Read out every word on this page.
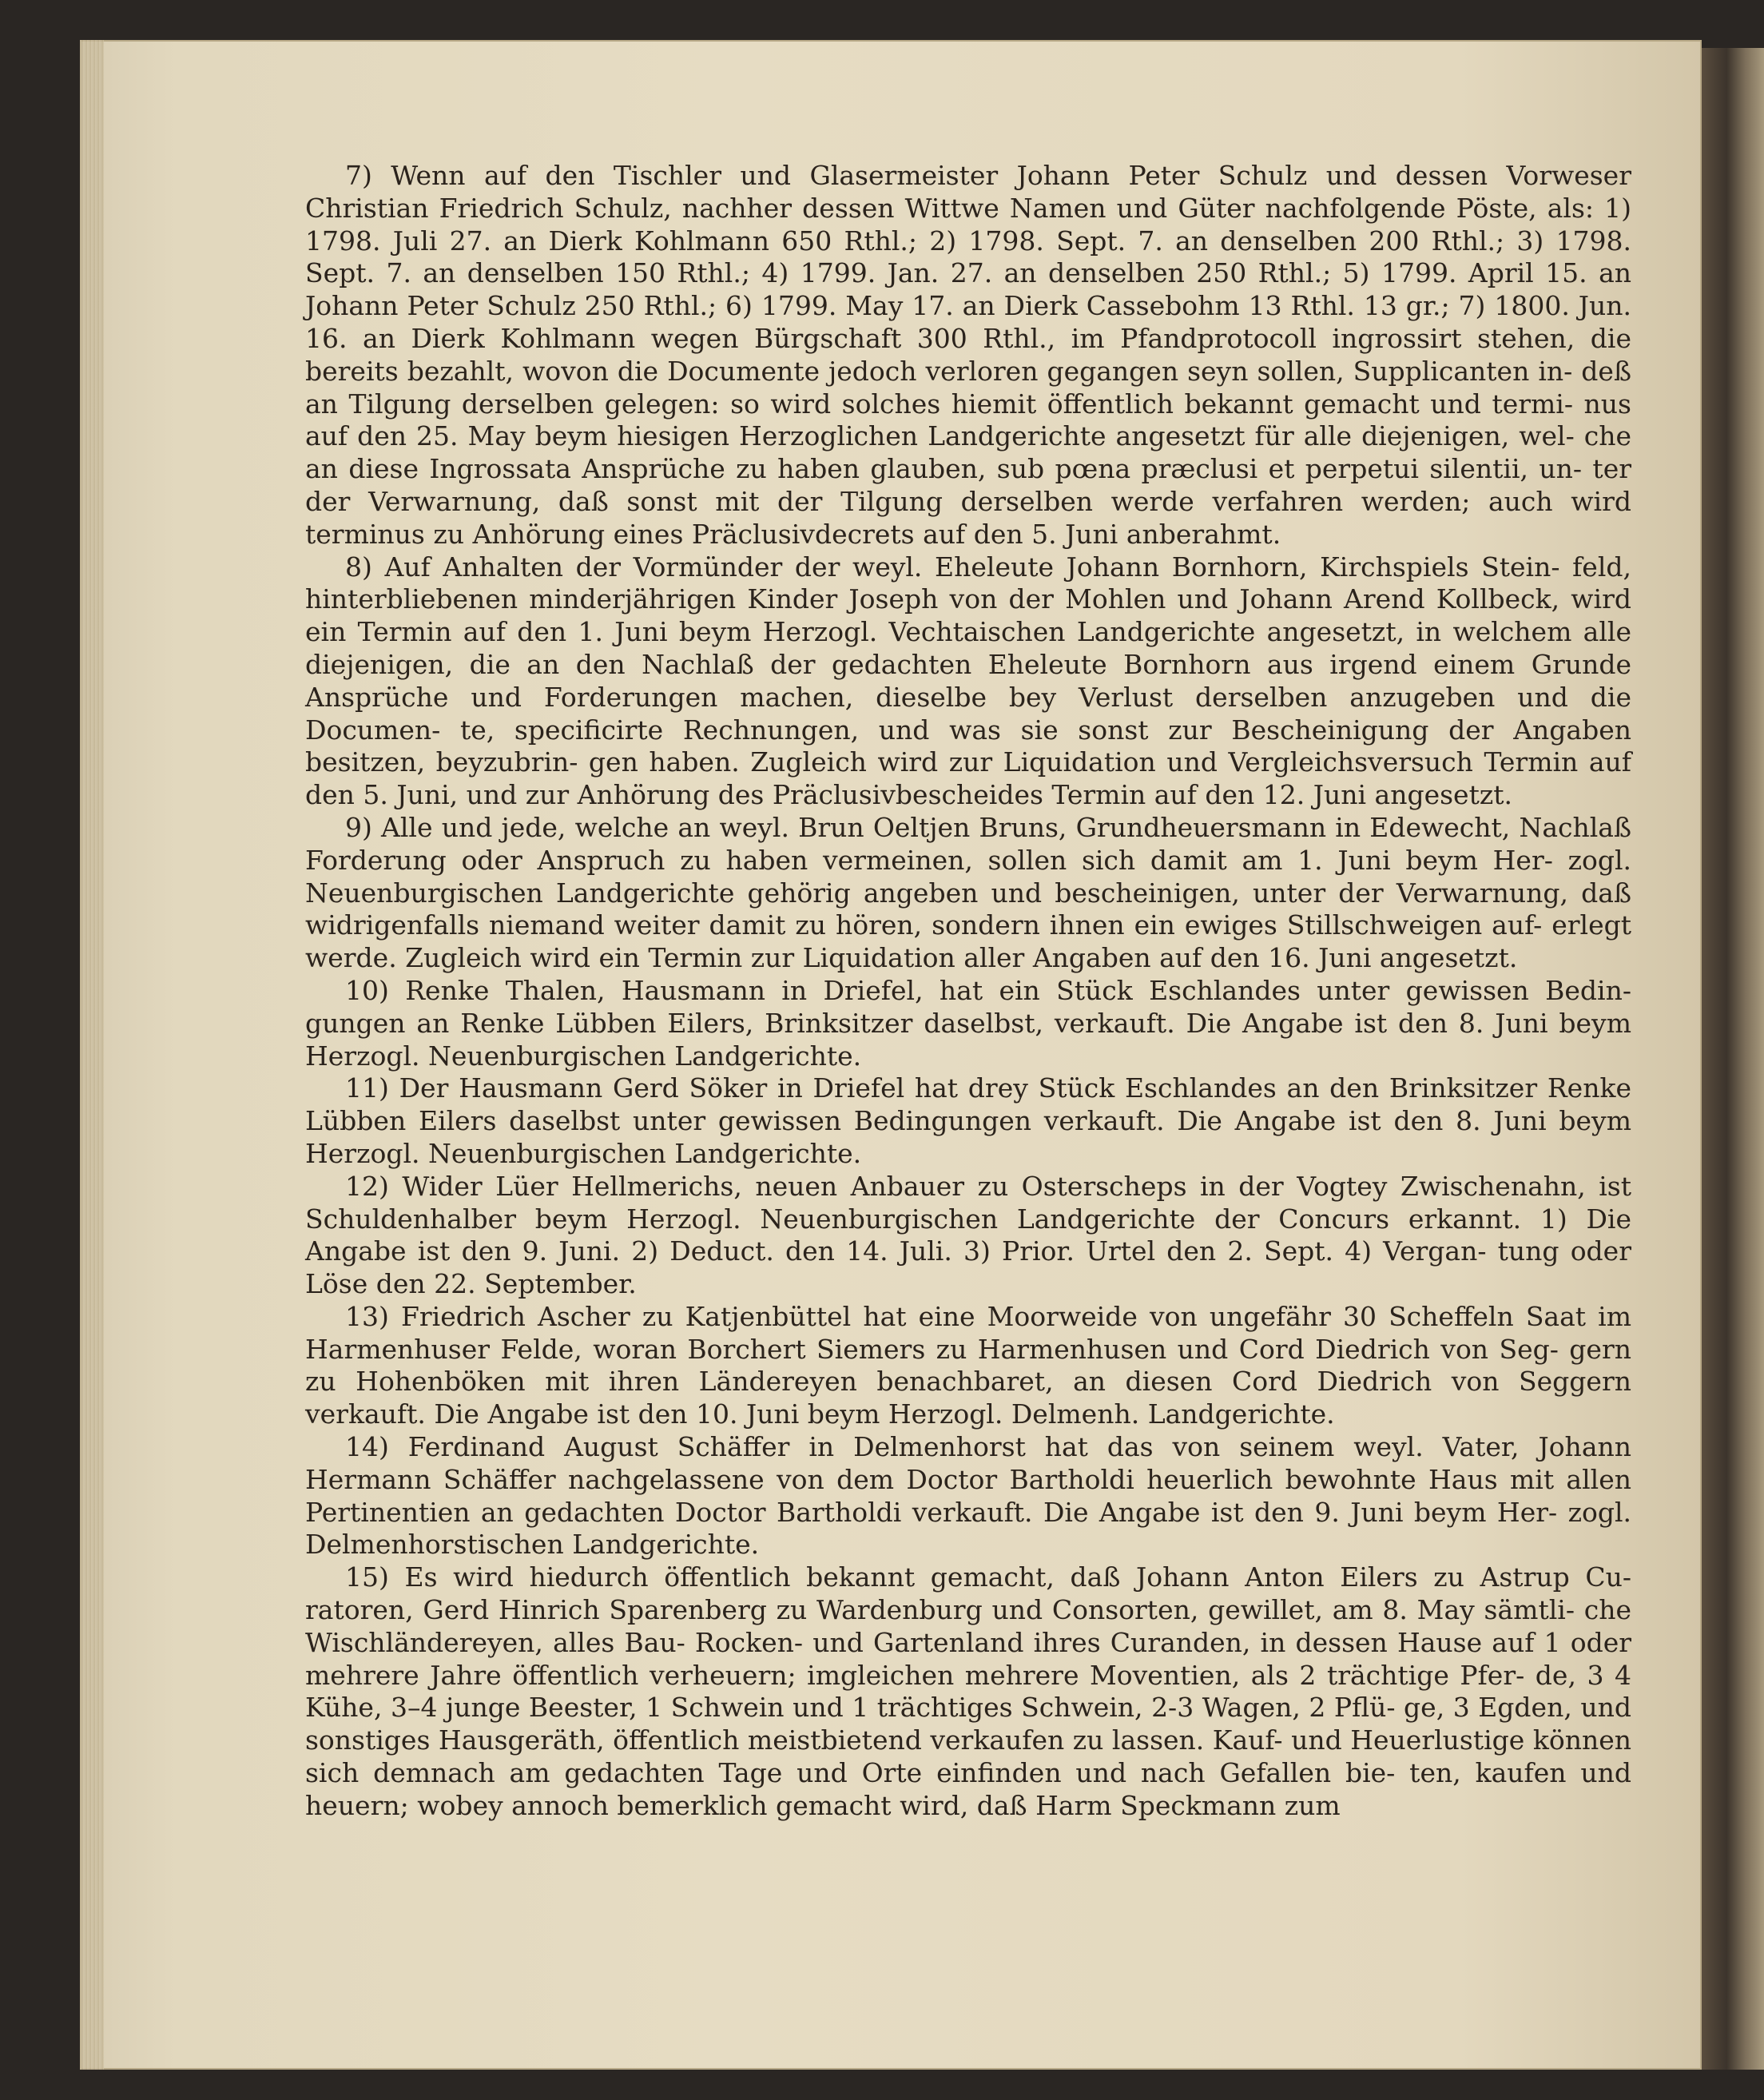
7) Wenn auf den Tischler und Glasermeister Johann Peter Schulz und dessen Vorweser Christian Friedrich Schulz, nachher dessen Wittwe Namen und Güter nachfolgende Pöste, als: 1) 1798. Juli 27. an Dierk Kohlmann 650 Rthl.; 2) 1798. Sept. 7. an denselben 200 Rthl.; 3) 1798. Sept. 7. an denselben 150 Rthl.; 4) 1799. Jan. 27. an denselben 250 Rthl.; 5) 1799. April 15. an Johann Peter Schulz 250 Rthl.; 6) 1799. May 17. an Dierk Cassebohm 13 Rthl. 13 gr.; 7) 1800. Jun. 16. an Dierk Kohlmann wegen Bürgschaft 300 Rthl., im Pfandprotocoll ingrossirt stehen, die bereits bezahlt, wovon die Documente jedoch verloren gegangen seyn sollen, Supplicanten in- deß an Tilgung derselben gelegen: so wird solches hiemit öffentlich bekannt gemacht und termi- nus auf den 25. May beym hiesigen Herzoglichen Landgerichte angesetzt für alle diejenigen, wel- che an diese Ingrossata Ansprüche zu haben glauben, sub pœna præclusi et perpetui silentii, un- ter der Verwarnung, daß sonst mit der Tilgung derselben werde verfahren werden; auch wird terminus zu Anhörung eines Präclusivdecrets auf den 5. Juni anberahmt.

8) Auf Anhalten der Vormünder der weyl. Eheleute Johann Bornhorn, Kirchspiels Stein- feld, hinterbliebenen minderjährigen Kinder Joseph von der Mohlen und Johann Arend Kollbeck, wird ein Termin auf den 1. Juni beym Herzogl. Vechtaischen Landgerichte angesetzt, in welchem alle diejenigen, die an den Nachlaß der gedachten Eheleute Bornhorn aus irgend einem Grunde Ansprüche und Forderungen machen, dieselbe bey Verlust derselben anzugeben und die Documen- te, specificirte Rechnungen, und was sie sonst zur Bescheinigung der Angaben besitzen, beyzubrin- gen haben. Zugleich wird zur Liquidation und Vergleichsversuch Termin auf den 5. Juni, und zur Anhörung des Präclusivbescheides Termin auf den 12. Juni angesetzt.

9) Alle und jede, welche an weyl. Brun Oeltjen Bruns, Grundheuersmann in Edewecht, Nachlaß Forderung oder Anspruch zu haben vermeinen, sollen sich damit am 1. Juni beym Her- zogl. Neuenburgischen Landgerichte gehörig angeben und bescheinigen, unter der Verwarnung, daß widrigenfalls niemand weiter damit zu hören, sondern ihnen ein ewiges Stillschweigen auf- erlegt werde. Zugleich wird ein Termin zur Liquidation aller Angaben auf den 16. Juni angesetzt.

10) Renke Thalen, Hausmann in Driefel, hat ein Stück Eschlandes unter gewissen Bedin- gungen an Renke Lübben Eilers, Brinksitzer daselbst, verkauft. Die Angabe ist den 8. Juni beym Herzogl. Neuenburgischen Landgerichte.

11) Der Hausmann Gerd Söker in Driefel hat drey Stück Eschlandes an den Brinksitzer Renke Lübben Eilers daselbst unter gewissen Bedingungen verkauft. Die Angabe ist den 8. Juni beym Herzogl. Neuenburgischen Landgerichte.

12) Wider Lüer Hellmerichs, neuen Anbauer zu Osterscheps in der Vogtey Zwischenahn, ist Schuldenhalber beym Herzogl. Neuenburgischen Landgerichte der Concurs erkannt. 1) Die Angabe ist den 9. Juni. 2) Deduct. den 14. Juli. 3) Prior. Urtel den 2. Sept. 4) Vergan- tung oder Löse den 22. September.

13) Friedrich Ascher zu Katjenbüttel hat eine Moorweide von ungefähr 30 Scheffeln Saat im Harmenhuser Felde, woran Borchert Siemers zu Harmenhusen und Cord Diedrich von Seg- gern zu Hohenböken mit ihren Ländereyen benachbaret, an diesen Cord Diedrich von Seggern verkauft. Die Angabe ist den 10. Juni beym Herzogl. Delmenh. Landgerichte.

14) Ferdinand August Schäffer in Delmenhorst hat das von seinem weyl. Vater, Johann Hermann Schäffer nachgelassene von dem Doctor Bartholdi heuerlich bewohnte Haus mit allen Pertinentien an gedachten Doctor Bartholdi verkauft. Die Angabe ist den 9. Juni beym Her- zogl. Delmenhorstischen Landgerichte.

15) Es wird hiedurch öffentlich bekannt gemacht, daß Johann Anton Eilers zu Astrup Cu- ratoren, Gerd Hinrich Sparenberg zu Wardenburg und Consorten, gewillet, am 8. May sämtli- che Wischländereyen, alles Bau- Rocken- und Gartenland ihres Curanden, in dessen Hause auf 1 oder mehrere Jahre öffentlich verheuern; imgleichen mehrere Moventien, als 2 trächtige Pfer- de, 3 4 Kühe, 3–4 junge Beester, 1 Schwein und 1 trächtiges Schwein, 2-3 Wagen, 2 Pflü- ge, 3 Egden, und sonstiges Hausgeräth, öffentlich meistbietend verkaufen zu lassen. Kauf- und Heuerlustige können sich demnach am gedachten Tage und Orte einfinden und nach Gefallen bie- ten, kaufen und heuern; wobey annoch bemerklich gemacht wird, daß Harm Speckmann zum
